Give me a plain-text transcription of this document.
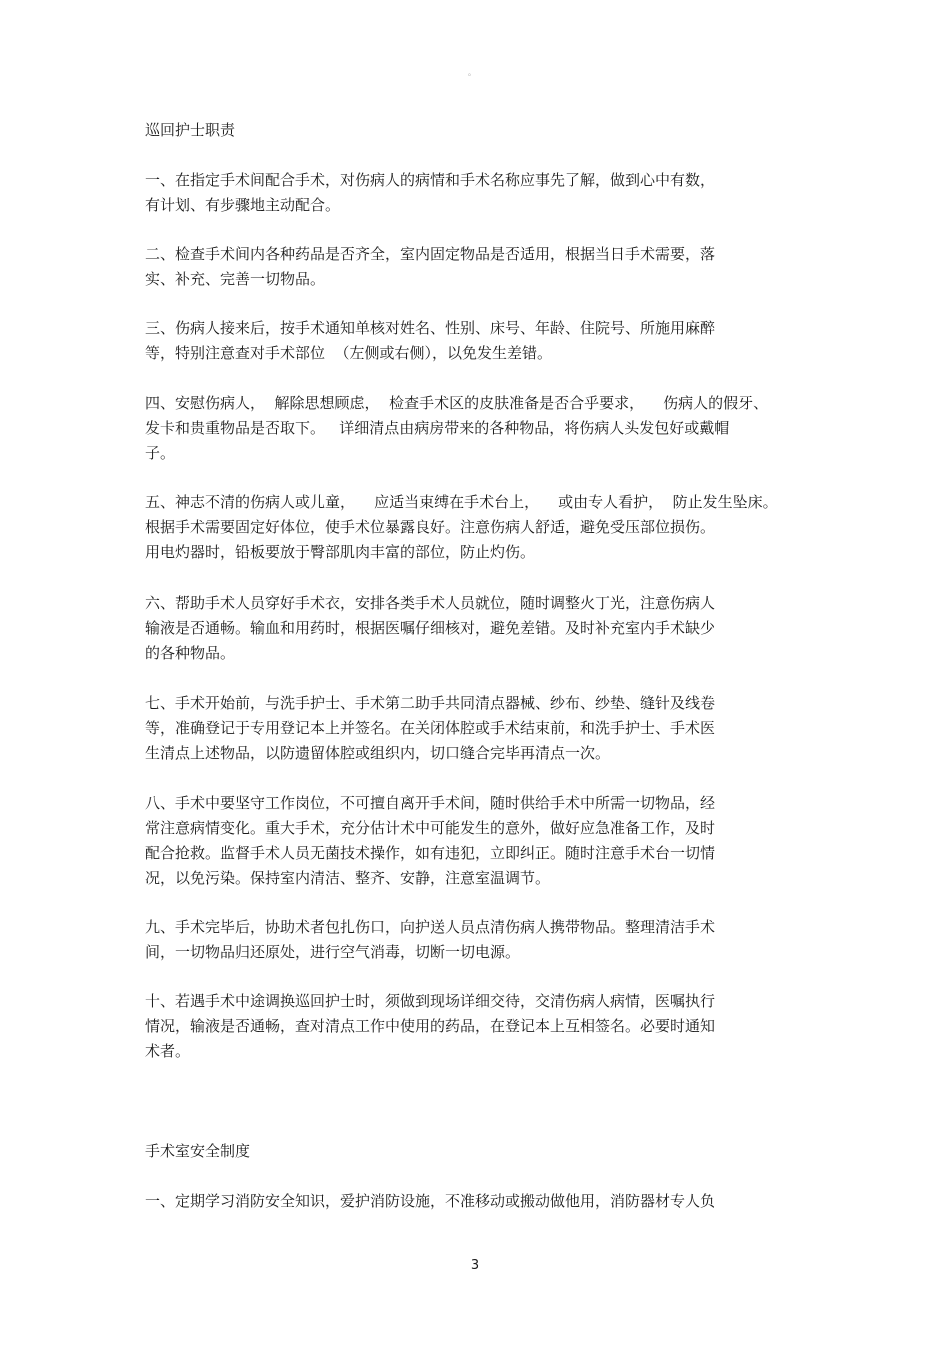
。
巡回护士职责
一、在指定手术间配合手术，对伤病人的病情和手术名称应事先了解，做到心中有数，
有计划、有步骤地主动配合。
二、检查手术间内各种药品是否齐全，室内固定物品是否适用，根据当日手术需要，落
实、补充、完善一切物品。
三、伤病人接来后，按手术通知单核对姓名、性别、床号、年龄、住院号、所施用麻醉
等，特别注意查对手术部位  （左侧或右侧），以免发生差错。
四、安慰伤病人，  解除思想顾虑，  检查手术区的皮肤准备是否合乎要求，    伤病人的假牙、
发卡和贵重物品是否取下。   详细清点由病房带来的各种物品，将伤病人头发包好或戴帽
子。
五、神志不清的伤病人或儿童，    应适当束缚在手术台上，    或由专人看护，  防止发生坠床。
根据手术需要固定好体位，使手术位暴露良好。注意伤病人舒适，避免受压部位损伤。
用电灼器时，铅板要放于臀部肌肉丰富的部位，防止灼伤。
六、帮助手术人员穿好手术衣，安排各类手术人员就位，随时调整火丁光，注意伤病人
输液是否通畅。输血和用药时，根据医嘱仔细核对，避免差错。及时补充室内手术缺少
的各种物品。
七、手术开始前，与洗手护士、手术第二助手共同清点器械、纱布、纱垫、缝针及线卷
等，准确登记于专用登记本上并签名。在关闭体腔或手术结束前，和洗手护士、手术医
生清点上述物品，以防遗留体腔或组织内，切口缝合完毕再清点一次。
八、手术中要坚守工作岗位，不可擅自离开手术间，随时供给手术中所需一切物品，经
常注意病情变化。重大手术，充分估计术中可能发生的意外，做好应急准备工作，及时
配合抢救。监督手术人员无菌技术操作，如有违犯，立即纠正。随时注意手术台一切情
况，以免污染。保持室内清洁、整齐、安静，注意室温调节。
九、手术完毕后，协助术者包扎伤口，向护送人员点清伤病人携带物品。整理清洁手术
间，一切物品归还原处，进行空气消毒，切断一切电源。
十、若遇手术中途调换巡回护士时，须做到现场详细交待，交清伤病人病情，医嘱执行
情况，输液是否通畅，查对清点工作中使用的药品，在登记本上互相签名。必要时通知
术者。
手术室安全制度
一、定期学习消防安全知识，爱护消防设施，不准移动或搬动做他用，消防器材专人负
3
